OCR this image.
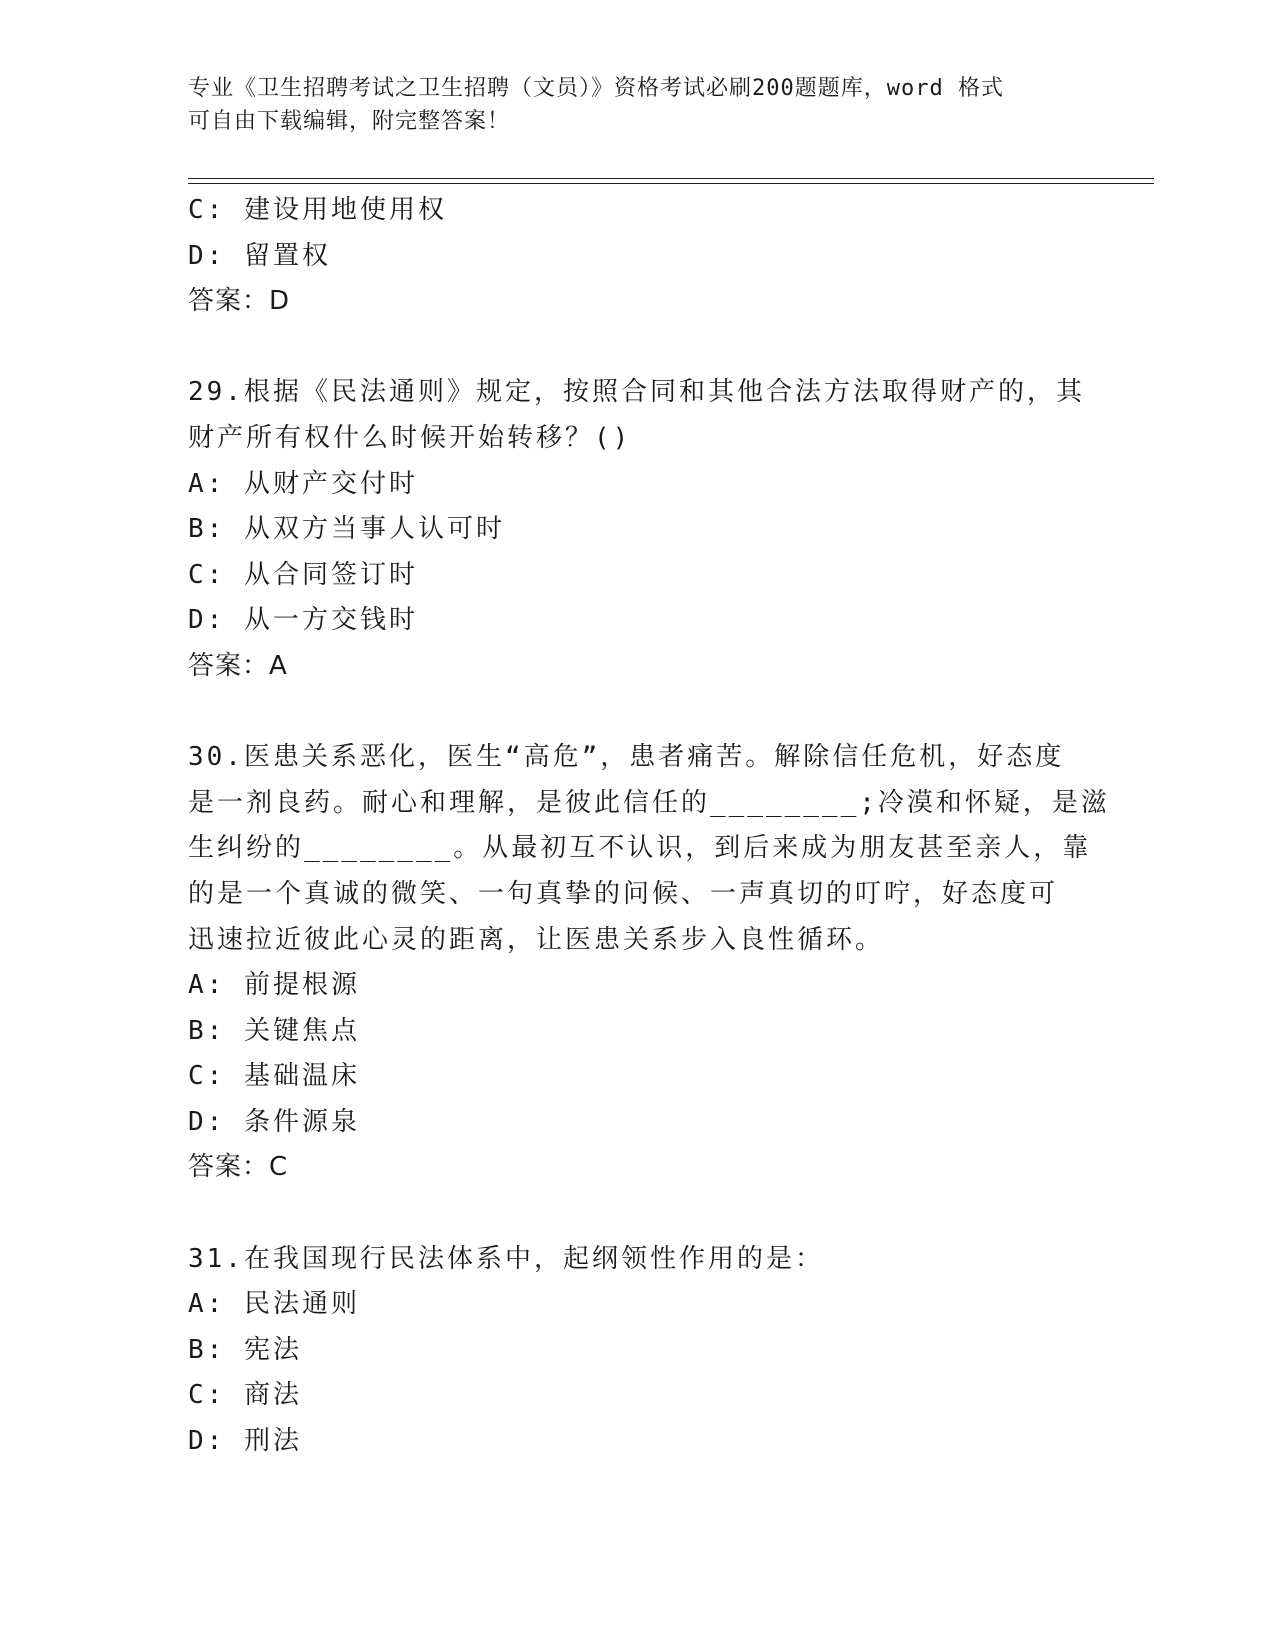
专业《卫生招聘考试之卫生招聘（文员）》资格考试必刷200题题库，word 格式
可自由下载编辑，附完整答案！
C: 建设用地使用权
D: 留置权
答案：D
29.根据《民法通则》规定，按照合同和其他合法方法取得财产的，其
财产所有权什么时候开始转移？()
A: 从财产交付时
B: 从双方当事人认可时
C: 从合同签订时
D: 从一方交钱时
答案：A
30.医患关系恶化，医生“高危”，患者痛苦。解除信任危机，好态度
是一剂良药。耐心和理解，是彼此信任的________;冷漠和怀疑，是滋
生纠纷的________。从最初互不认识，到后来成为朋友甚至亲人，靠
的是一个真诚的微笑、一句真挚的问候、一声真切的叮咛，好态度可
迅速拉近彼此心灵的距离，让医患关系步入良性循环。
A: 前提根源
B: 关键焦点
C: 基础温床
D: 条件源泉
答案：C
31.在我国现行民法体系中，起纲领性作用的是：
A: 民法通则
B: 宪法
C: 商法
D: 刑法
